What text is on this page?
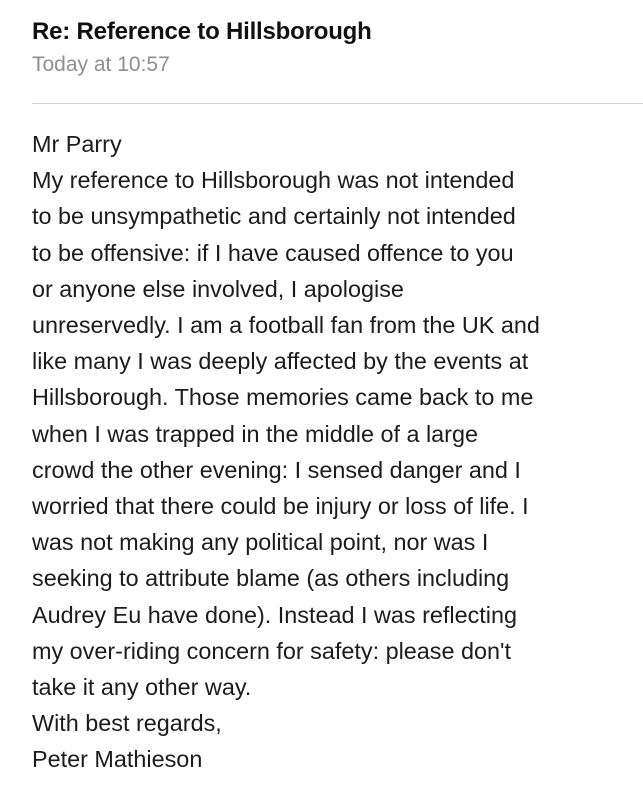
Re: Reference to Hillsborough
Today at 10:57
Mr Parry
My reference to Hillsborough was not intended
to be unsympathetic and certainly not intended
to be offensive: if I have caused offence to you
or anyone else involved, I apologise
unreservedly. I am a football fan from the UK and
like many I was deeply affected by the events at
Hillsborough. Those memories came back to me
when I was trapped in the middle of a large
crowd the other evening: I sensed danger and I
worried that there could be injury or loss of life. I
was not making any political point, nor was I
seeking to attribute blame (as others including
Audrey Eu have done). Instead I was reflecting
my over-riding concern for safety: please don't
take it any other way.
With best regards,
Peter Mathieson
